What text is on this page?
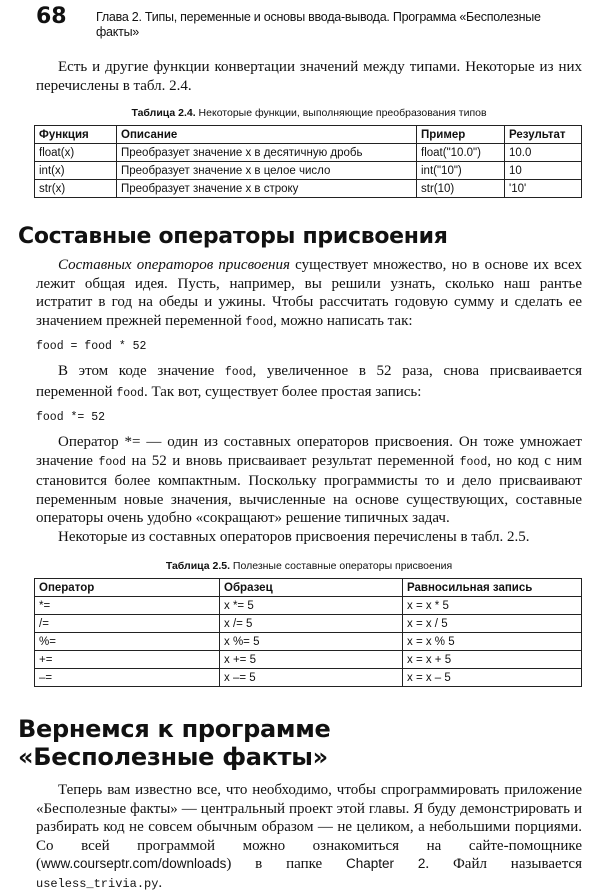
68 Глава 2. Типы, переменные и основы ввода-вывода. Программа «Бесполезные факты»

Есть и другие функции конвертации значений между типами. Некоторые из них перечислены в табл. 2.4.

Таблица 2.4. Некоторые функции, выполняющие преобразования типов
Функция	Описание	Пример	Результат
float(x)	Преобразует значение x в десятичную дробь	float("10.0")	10.0
int(x)	Преобразует значение x в целое число	int("10")	10
str(x)	Преобразует значение x в строку	str(10)	'10'
Составные операторы присвоения

Составных операторов присвоения существует множество, но в основе их всех лежит общая идея. Пусть, например, вы решили узнать, сколько наш рантье истратит в год на обеды и ужины. Чтобы рассчитать годовую сумму и сделать ее значением прежней переменной food, можно написать так:

food = food * 52

В этом коде значение food, увеличенное в 52 раза, снова присваивается переменной food. Так вот, существует более простая запись:

food *= 52

Оператор *= — один из составных операторов присвоения. Он тоже умножает значение food на 52 и вновь присваивает результат переменной food, но код с ним становится более компактным. Поскольку программисты то и дело присваивают переменным новые значения, вычисленные на основе существующих, составные операторы очень удобно «сокращают» решение типичных задач.

Некоторые из составных операторов присвоения перечислены в табл. 2.5.

Таблица 2.5. Полезные составные операторы присвоения
Оператор	Образец	Равносильная запись
*=	x *= 5	x = x * 5
/=	x /= 5	x = x / 5
%=	x %= 5	x = x % 5
+=	x += 5	x = x + 5
–=	x –= 5	x = x – 5
Вернемся к программе
«Бесполезные факты»

Теперь вам известно все, что необходимо, чтобы спрограммировать приложение «Бесполезные факты» — центральный проект этой главы. Я буду демонстрировать и разбирать код не совсем обычным образом — не целиком, а небольшими порциями. Со всей программой можно ознакомиться на сайте-помощнике (www.courseptr.com/downloads) в папке Chapter 2. Файл называется useless_trivia.py.
